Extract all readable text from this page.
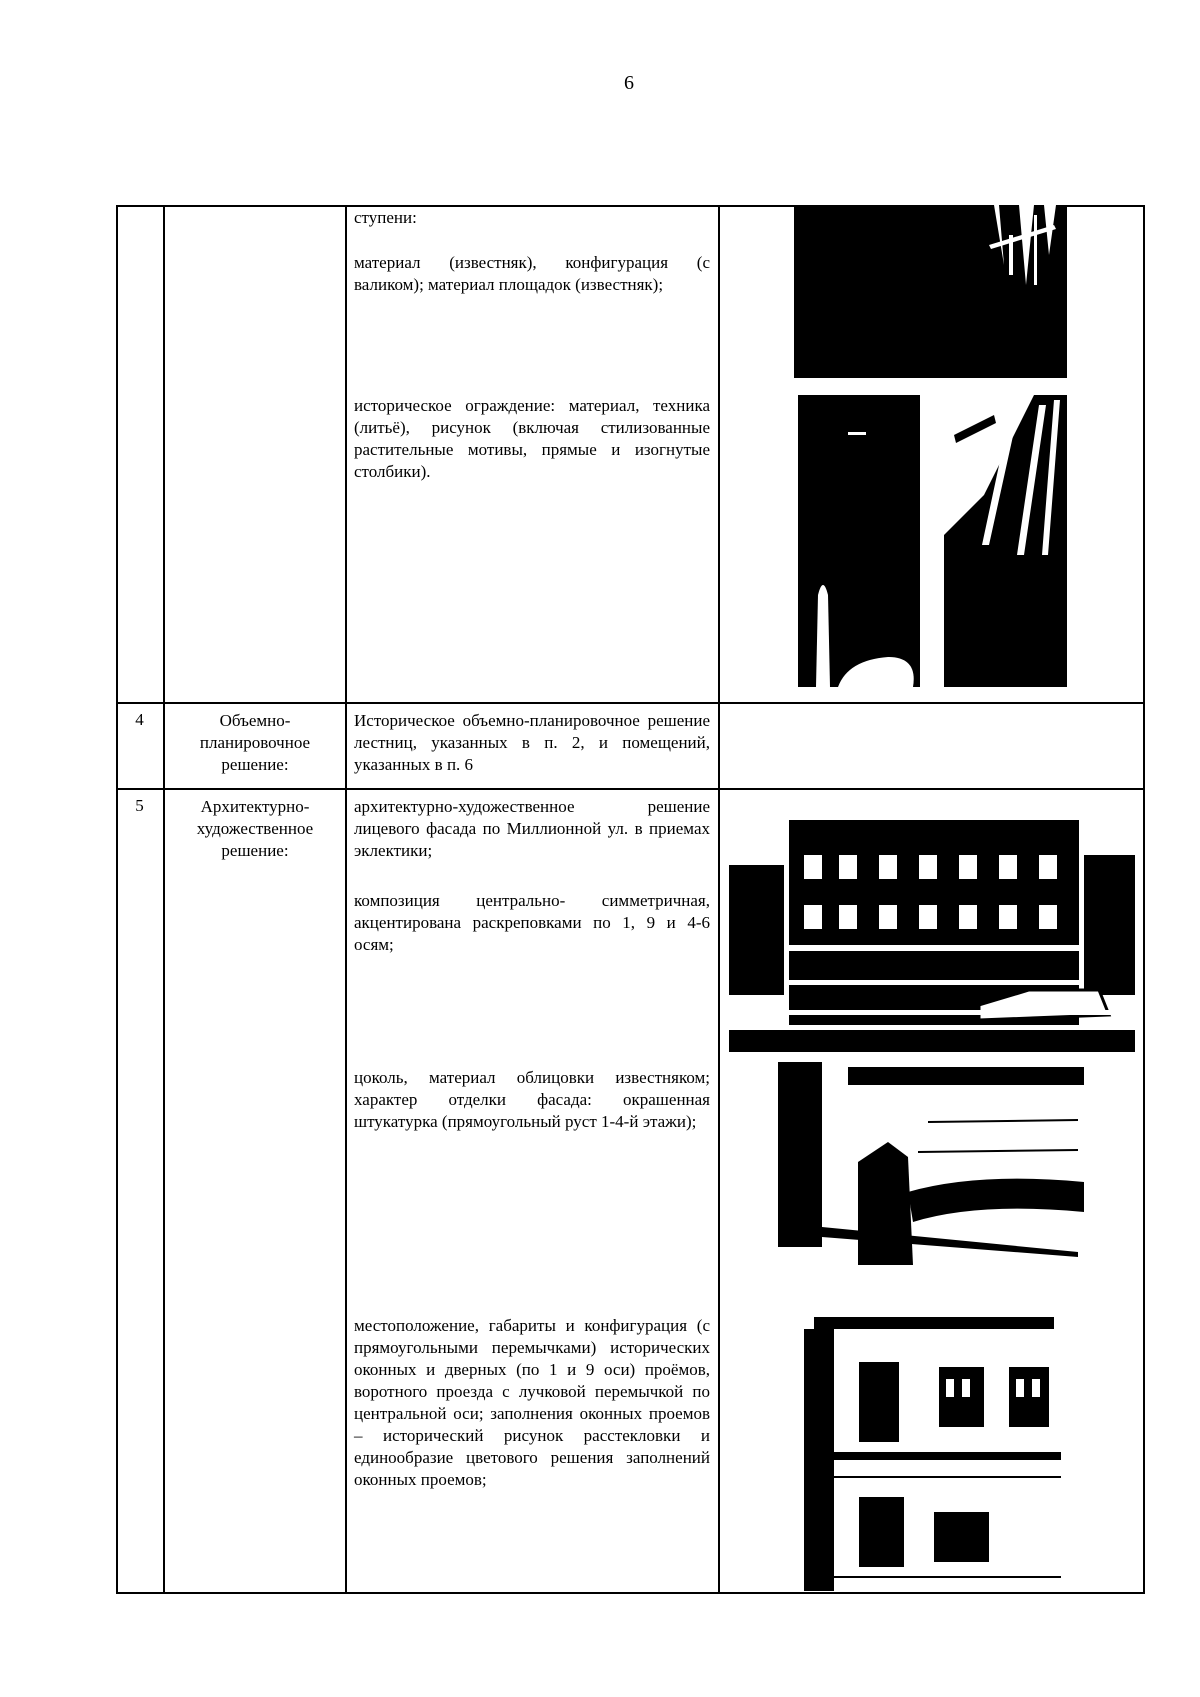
6
ступени:
материал (известняк), конфигурация (с валиком); материал площадок (известняк);
историческое ограждение: материал, техника (литьё), рисунок (включая стилизованные растительные мотивы, прямые и изогнутые столбики).
4	Объемно-планировочное решение:
Историческое объемно-планировочное решение лестниц, указанных в п. 2, и помещений, указанных в п. 6
5	Архитектурно-художественное решение:
архитектурно-художественное решение лицевого фасада по Миллионной ул. в приемах эклектики;
композиция центрально- симметричная, акцентирована раскреповками по 1, 9 и 4-6 осям;
цоколь, материал облицовки известняком; характер отделки фасада: окрашенная штукатурка (прямоугольный руст 1-4-й этажи);
местоположение, габариты и конфигурация (с прямоугольными перемычками) исторических оконных и дверных (по 1 и 9 оси) проёмов, воротного проезда с лучковой перемычкой по центральной оси; заполнения оконных проемов – исторический рисунок расстекловки и единообразие цветового решения заполнений оконных проемов;
